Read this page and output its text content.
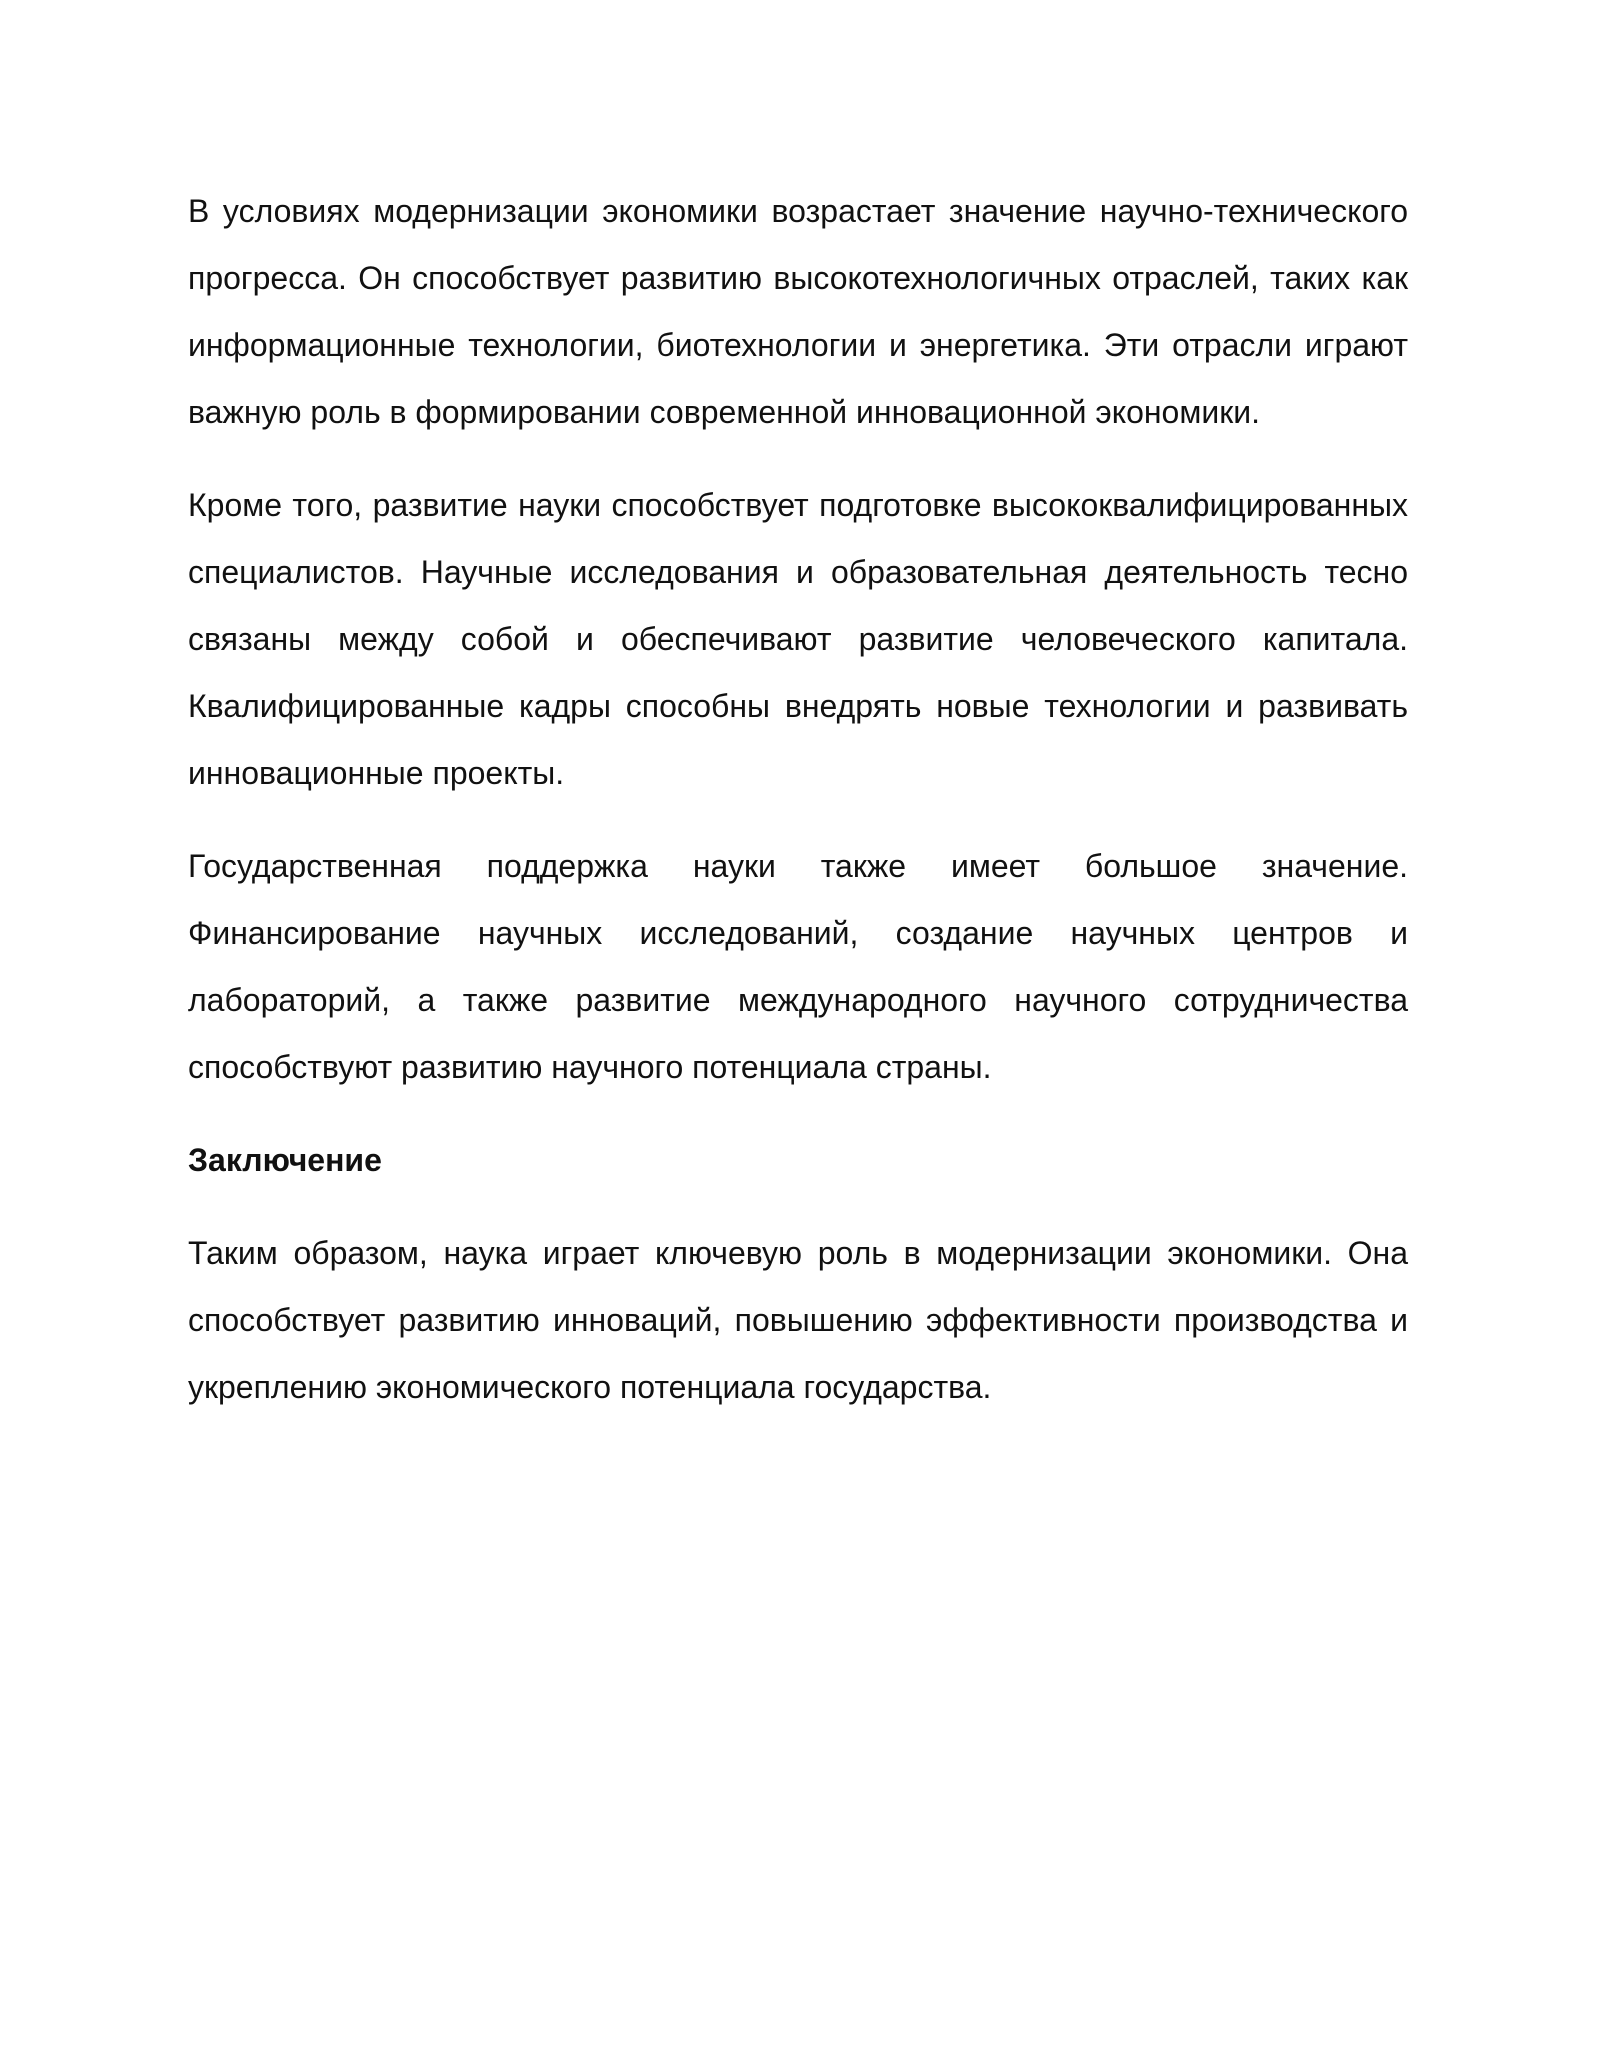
В условиях модернизации экономики возрастает значение научно-технического прогресса. Он способствует развитию высокотехнологичных отраслей, таких как информационные технологии, биотехнологии и энергетика. Эти отрасли играют важную роль в формировании современной инновационной экономики.

Кроме того, развитие науки способствует подготовке высококвалифицированных специалистов. Научные исследования и образовательная деятельность тесно связаны между собой и обеспечивают развитие человеческого капитала. Квалифицированные кадры способны внедрять новые технологии и развивать инновационные проекты.

Государственная поддержка науки также имеет большое значение. Финансирование научных исследований, создание научных центров и лабораторий, а также развитие международного научного сотрудничества способствуют развитию научного потенциала страны.

Заключение

Таким образом, наука играет ключевую роль в модернизации экономики. Она способствует развитию инноваций, повышению эффективности производства и укреплению экономического потенциала государства.
